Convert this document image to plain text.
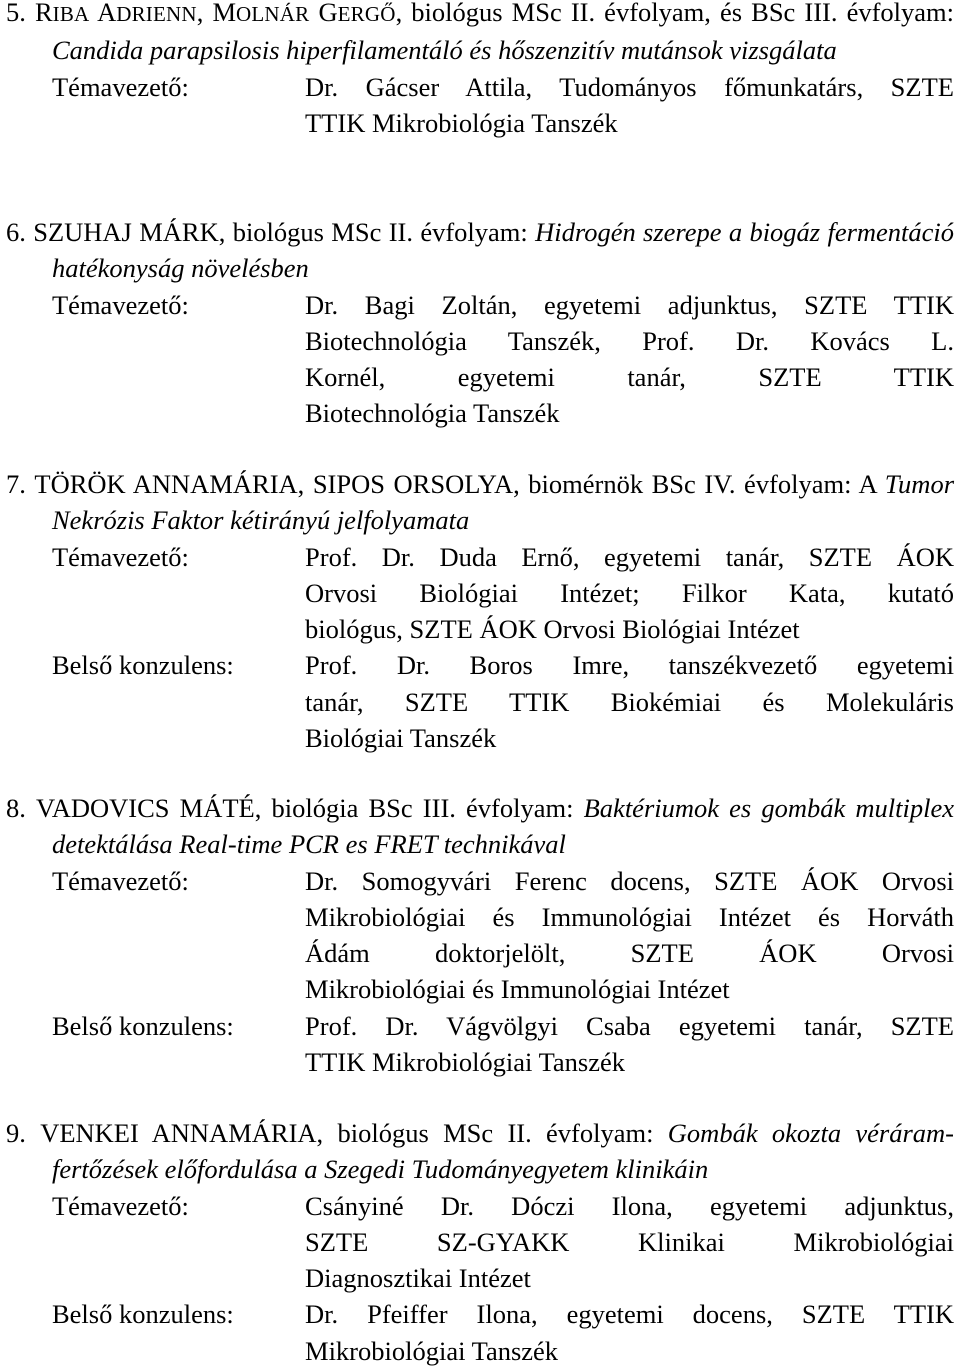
5. RIBA ADRIENN, MOLNÁR GERGŐ, biológus MSc II. évfolyam, és BSc III. évfolyam: Candida parapsilosis hiperfilamentáló és hőszenzitív mutánsok vizsgálata

Témavezető:	Dr. Gácser Attila, Tudományos főmunkatárs, SZTE
TTIK Mikrobiológia Tanszék

6. SZUHAJ MÁRK, biológus MSc II. évfolyam: Hidrogén szerepe a biogáz fermentáció hatékonyság növelésben

Témavezető:	Dr. Bagi Zoltán, egyetemi adjunktus, SZTE TTIK
Biotechnológia Tanszék, Prof. Dr. Kovács L.
Kornél, egyetemi tanár, SZTE TTIK
Biotechnológia Tanszék

7. TÖRÖK ANNAMÁRIA, SIPOS ORSOLYA, biomérnök BSc IV. évfolyam: A Tumor Nekrózis Faktor kétirányú jelfolyamata

Témavezető:	Prof. Dr. Duda Ernő, egyetemi tanár, SZTE ÁOK
Orvosi Biológiai Intézet; Filkor Kata, kutató
biológus, SZTE ÁOK Orvosi Biológiai Intézet
Belső konzulens:	Prof. Dr. Boros Imre, tanszékvezető egyetemi
tanár, SZTE TTIK Biokémiai és Molekuláris
Biológiai Tanszék

8. VADOVICS MÁTÉ, biológia BSc III. évfolyam: Baktériumok es gombák multiplex detektálása Real-time PCR es FRET technikával

Témavezető:	Dr. Somogyvári Ferenc docens, SZTE ÁOK Orvosi
Mikrobiológiai és Immunológiai Intézet és Horváth
Ádám doktorjelölt, SZTE ÁOK Orvosi
Mikrobiológiai és Immunológiai Intézet
Belső konzulens:	Prof. Dr. Vágvölgyi Csaba egyetemi tanár, SZTE
TTIK Mikrobiológiai Tanszék

9. VENKEI ANNAMÁRIA, biológus MSc II. évfolyam: Gombák okozta véráram-fertőzések előfordulása a Szegedi Tudományegyetem klinikáin

Témavezető:	Csányiné Dr. Dóczi Ilona, egyetemi adjunktus,
SZTE SZ-GYAKK Klinikai Mikrobiológiai
Diagnosztikai Intézet
Belső konzulens:	Dr. Pfeiffer Ilona, egyetemi docens, SZTE TTIK
Mikrobiológiai Tanszék
